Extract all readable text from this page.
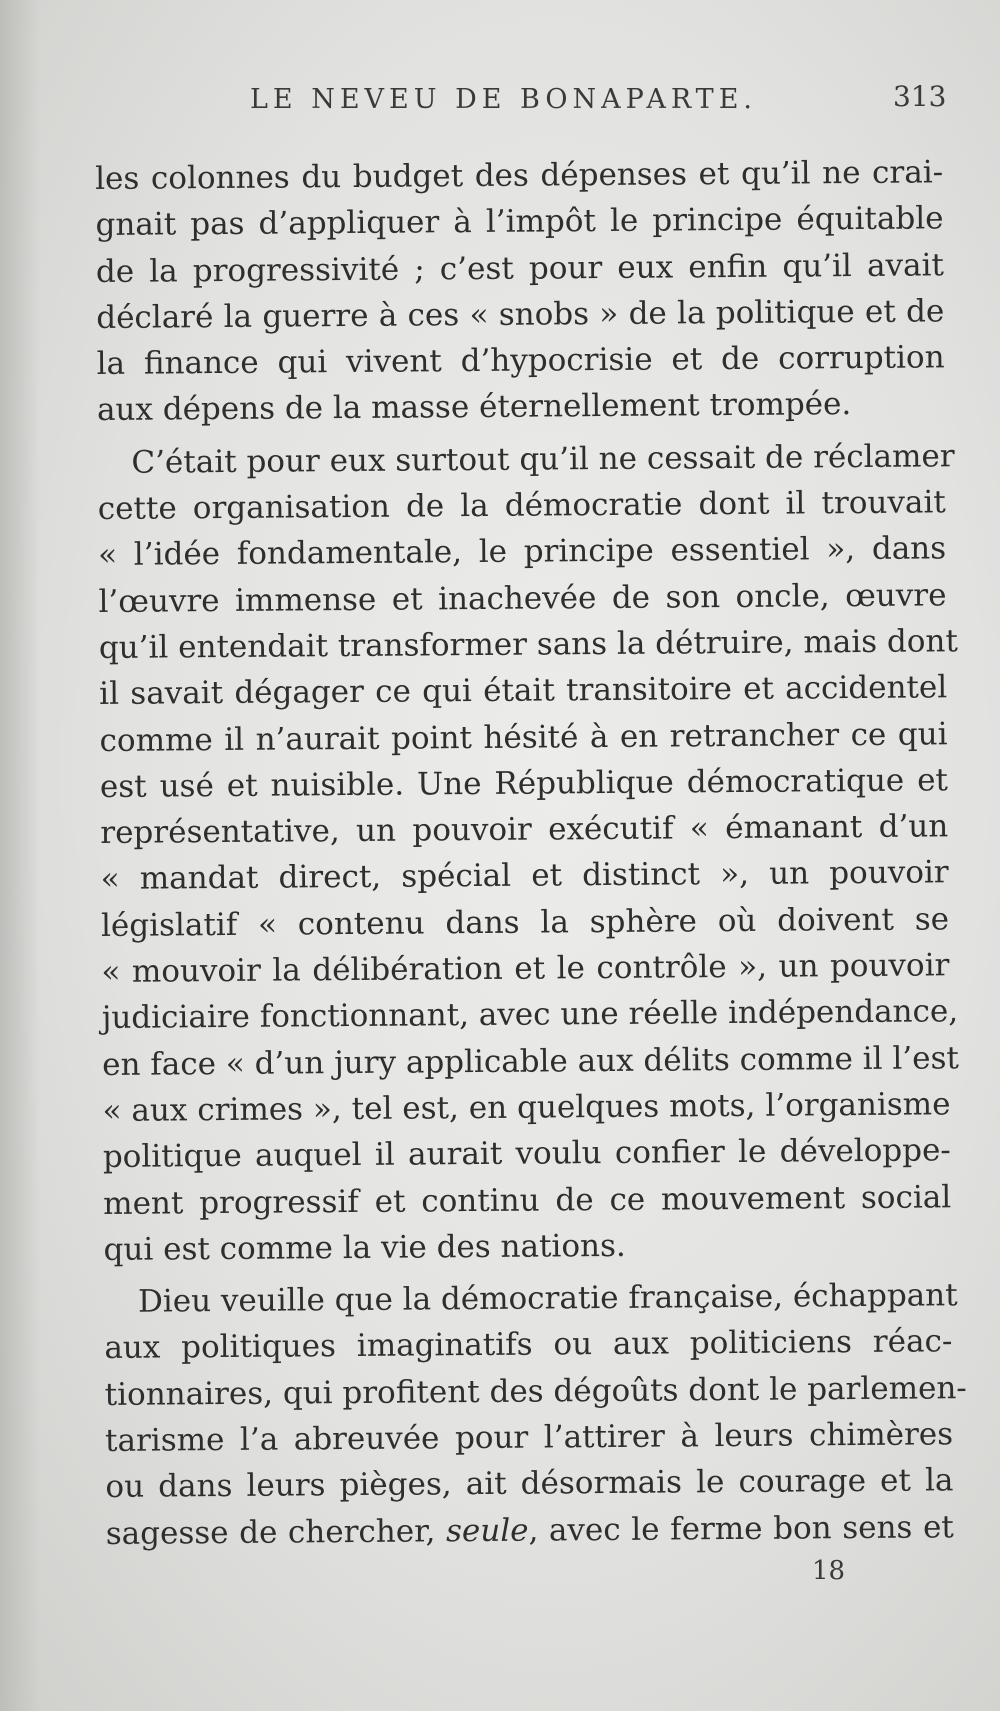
LE NEVEU DE BONAPARTE.	313
les colonnes du budget des dépenses et qu’il ne crai-
gnait pas d’appliquer à l’impôt le principe équitable
de la progressivité ; c’est pour eux enfin qu’il avait
déclaré la guerre à ces « snobs » de la politique et de
la finance qui vivent d’hypocrisie et de corruption
aux dépens de la masse éternellement trompée.
C’était pour eux surtout qu’il ne cessait de réclamer
cette organisation de la démocratie dont il trouvait
« l’idée fondamentale, le principe essentiel », dans
l’œuvre immense et inachevée de son oncle, œuvre
qu’il entendait transformer sans la détruire, mais dont
il savait dégager ce qui était transitoire et accidentel
comme il n’aurait point hésité à en retrancher ce qui
est usé et nuisible. Une République démocratique et
représentative, un pouvoir exécutif « émanant d’un
« mandat direct, spécial et distinct », un pouvoir
législatif « contenu dans la sphère où doivent se
« mouvoir la délibération et le contrôle », un pouvoir
judiciaire fonctionnant, avec une réelle indépendance,
en face « d’un jury applicable aux délits comme il l’est
« aux crimes », tel est, en quelques mots, l’organisme
politique auquel il aurait voulu confier le développe-
ment progressif et continu de ce mouvement social
qui est comme la vie des nations.
Dieu veuille que la démocratie française, échappant
aux politiques imaginatifs ou aux politiciens réac-
tionnaires, qui profitent des dégoûts dont le parlemen-
tarisme l’a abreuvée pour l’attirer à leurs chimères
ou dans leurs pièges, ait désormais le courage et la
sagesse de chercher, seule, avec le ferme bon sens et
18
